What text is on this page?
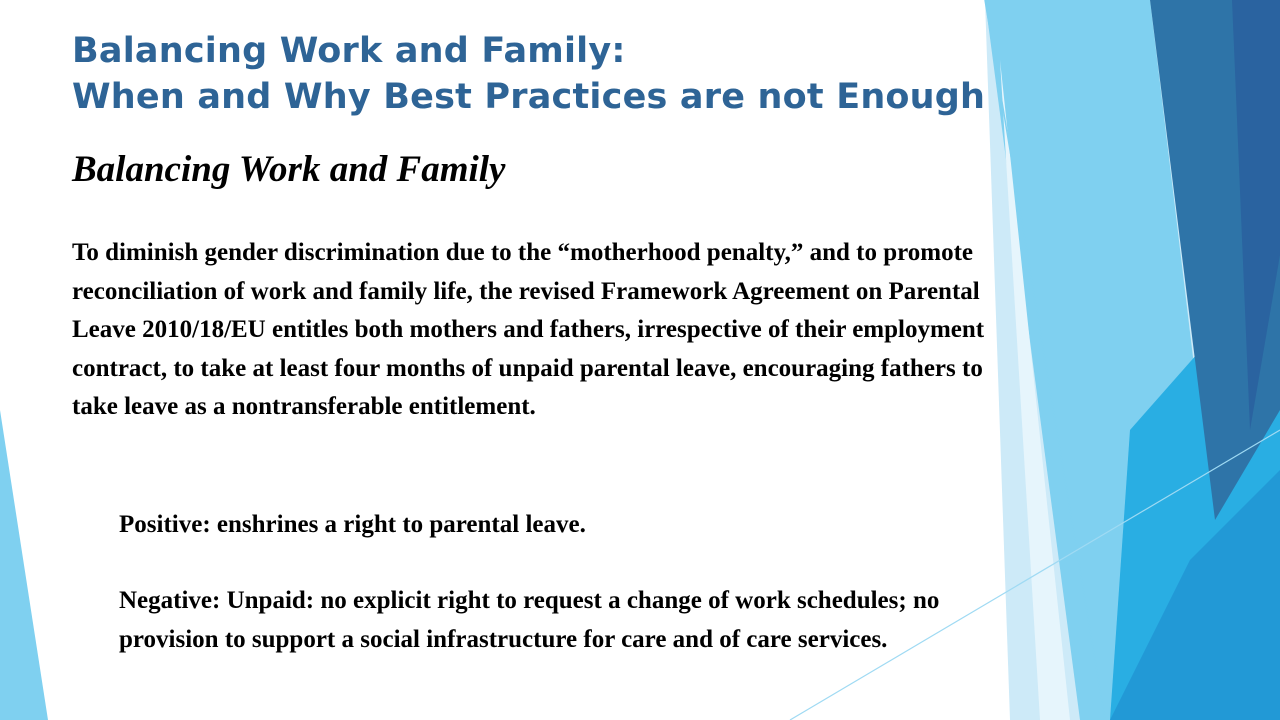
Balancing Work and Family:
When and Why Best Practices are not Enough
Balancing Work and Family
To diminish gender discrimination due to the “motherhood penalty,” and to promote reconciliation of work and family life, the revised Framework Agreement on Parental Leave 2010/18/EU entitles both mothers and fathers, irrespective of their employment contract, to take at least four months of unpaid parental leave, encouraging fathers to take leave as a nontransferable entitlement.
Positive: enshrines a right to parental leave.
Negative: Unpaid: no explicit right to request a change of work schedules; no provision to support a social infrastructure for care and of care services.
